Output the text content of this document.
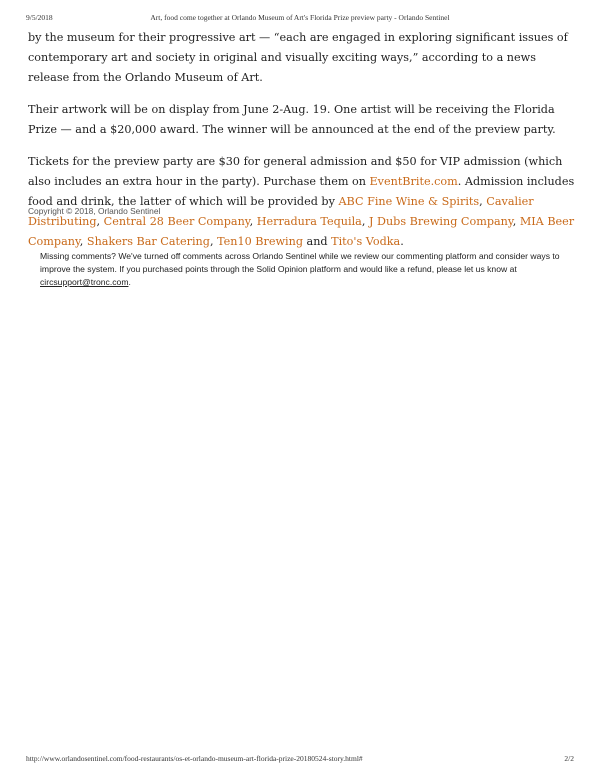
9/5/2018	Art, food come together at Orlando Museum of Art's Florida Prize preview party - Orlando Sentinel

by the museum for their progressive art — “each are engaged in exploring significant issues of contemporary art and society in original and visually exciting ways,” according to a news release from the Orlando Museum of Art.

Their artwork will be on display from June 2-Aug. 19. One artist will be receiving the Florida Prize — and a $20,000 award. The winner will be announced at the end of the preview party.

Tickets for the preview party are $30 for general admission and $50 for VIP admission (which also includes an extra hour in the party). Purchase them on EventBrite.com. Admission includes food and drink, the latter of which will be provided by ABC Fine Wine & Spirits, Cavalier Distributing, Central 28 Beer Company, Herradura Tequila, J Dubs Brewing Company, MIA Beer Company, Shakers Bar Catering, Ten10 Brewing and Tito's Vodka.

Copyright © 2018, Orlando Sentinel
Missing comments? We've turned off comments across Orlando Sentinel while we review our commenting platform and consider ways to improve the system. If you purchased points through the Solid Opinion platform and would like a refund, please let us know at circsupport@tronc.com.
http://www.orlandosentinel.com/food-restaurants/os-et-orlando-museum-art-florida-prize-20180524-story.html#	2/2
